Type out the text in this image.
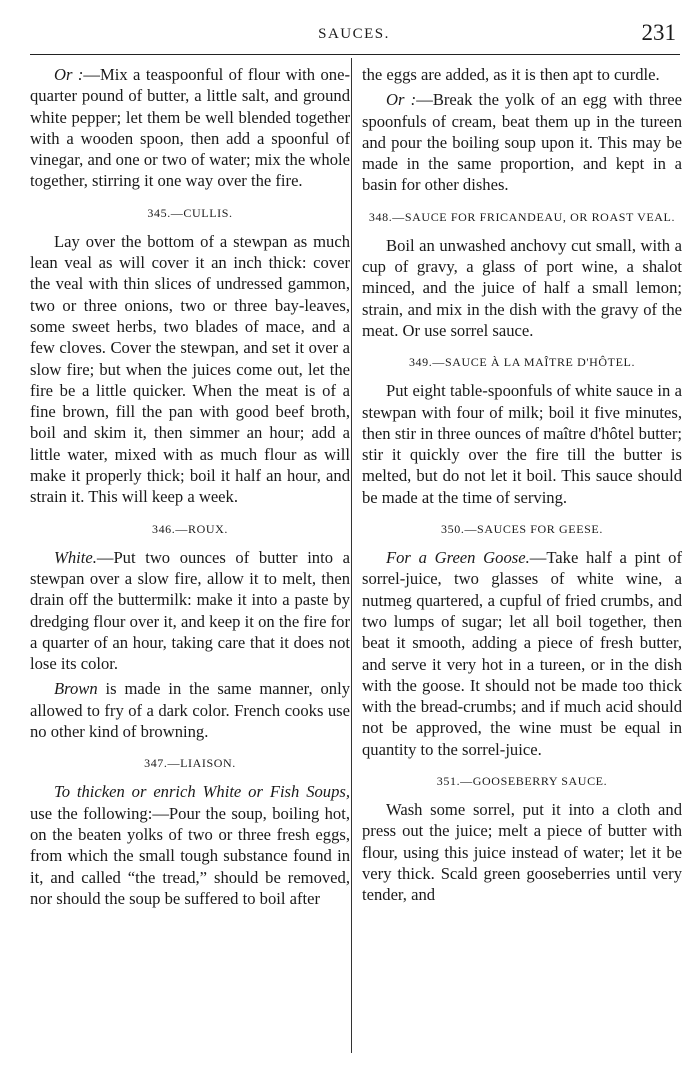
SAUCES.	231

Or :—Mix a teaspoonful of flour with one-quarter pound of butter, a little salt, and ground white pepper; let them be well blended together with a wooden spoon, then add a spoonful of vinegar, and one or two of water; mix the whole together, stirring it one way over the fire.

345.—CULLIS.

Lay over the bottom of a stewpan as much lean veal as will cover it an inch thick: cover the veal with thin slices of undressed gammon, two or three onions, two or three bay-leaves, some sweet herbs, two blades of mace, and a few cloves. Cover the stewpan, and set it over a slow fire; but when the juices come out, let the fire be a little quicker. When the meat is of a fine brown, fill the pan with good beef broth, boil and skim it, then simmer an hour; add a little water, mixed with as much flour as will make it properly thick; boil it half an hour, and strain it. This will keep a week.

346.—ROUX.

White.—Put two ounces of butter into a stewpan over a slow fire, allow it to melt, then drain off the buttermilk: make it into a paste by dredging flour over it, and keep it on the fire for a quarter of an hour, taking care that it does not lose its color.

Brown is made in the same manner, only allowed to fry of a dark color. French cooks use no other kind of browning.

347.—LIAISON.

To thicken or enrich White or Fish Soups, use the following:—Pour the soup, boiling hot, on the beaten yolks of two or three fresh eggs, from which the small tough substance found in it, and called “the tread,” should be removed, nor should the soup be suffered to boil after

the eggs are added, as it is then apt to curdle.

Or :—Break the yolk of an egg with three spoonfuls of cream, beat them up in the tureen and pour the boiling soup upon it. This may be made in the same proportion, and kept in a basin for other dishes.

348.—SAUCE FOR FRICANDEAU, OR ROAST VEAL.

Boil an unwashed anchovy cut small, with a cup of gravy, a glass of port wine, a shalot minced, and the juice of half a small lemon; strain, and mix in the dish with the gravy of the meat. Or use sorrel sauce.

349.—SAUCE À LA MAÎTRE D'HÔTEL.

Put eight table-spoonfuls of white sauce in a stewpan with four of milk; boil it five minutes, then stir in three ounces of maître d'hôtel butter; stir it quickly over the fire till the butter is melted, but do not let it boil. This sauce should be made at the time of serving.

350.—SAUCES FOR GEESE.

For a Green Goose.—Take half a pint of sorrel-juice, two glasses of white wine, a nutmeg quartered, a cupful of fried crumbs, and two lumps of sugar; let all boil together, then beat it smooth, adding a piece of fresh butter, and serve it very hot in a tureen, or in the dish with the goose. It should not be made too thick with the bread-crumbs; and if much acid should not be approved, the wine must be equal in quantity to the sorrel-juice.

351.—GOOSEBERRY SAUCE.

Wash some sorrel, put it into a cloth and press out the juice; melt a piece of butter with flour, using this juice instead of water; let it be very thick. Scald green gooseberries until very tender, and
